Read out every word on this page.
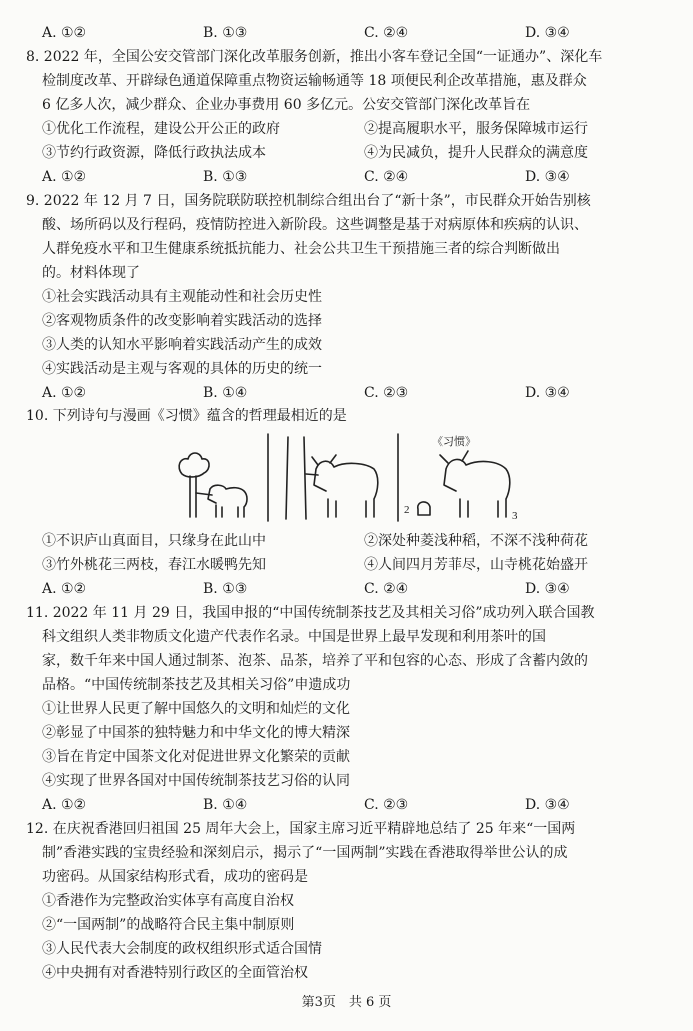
A. ①②	B. ①③	C. ②④	D. ③④
8. 2022 年，全国公安交管部门深化改革服务创新，推出小客车登记全国“一证通办”、深化车
检制度改革、开辟绿色通道保障重点物资运输畅通等 18 项便民利企改革措施，惠及群众
6 亿多人次，减少群众、企业办事费用 60 多亿元。公安交管部门深化改革旨在
①优化工作流程，建设公开公正的政府	②提高履职水平，服务保障城市运行
③节约行政资源，降低行政执法成本	④为民减负，提升人民群众的满意度
A. ①②	B. ①③	C. ②④	D. ③④
9. 2022 年 12 月 7 日，国务院联防联控机制综合组出台了“新十条”，市民群众开始告别核
酸、场所码以及行程码，疫情防控进入新阶段。这些调整是基于对病原体和疾病的认识、
人群免疫水平和卫生健康系统抵抗能力、社会公共卫生干预措施三者的综合判断做出
的。材料体现了
①社会实践活动具有主观能动性和社会历史性
②客观物质条件的改变影响着实践活动的选择
③人类的认知水平影响着实践活动产生的成效
④实践活动是主观与客观的具体的历史的统一
A. ①②	B. ①④	C. ②③	D. ③④
10. 下列诗句与漫画《习惯》蕴含的哲理最相近的是
2	3
《习惯》
①不识庐山真面目，只缘身在此山中	②深处种菱浅种稻，不深不浅种荷花
③竹外桃花三两枝，春江水暖鸭先知	④人间四月芳菲尽，山寺桃花始盛开
A. ①②	B. ①③	C. ②④	D. ③④
11. 2022 年 11 月 29 日，我国申报的“中国传统制茶技艺及其相关习俗”成功列入联合国教
科文组织人类非物质文化遗产代表作名录。中国是世界上最早发现和利用茶叶的国
家，数千年来中国人通过制茶、泡茶、品茶，培养了平和包容的心态、形成了含蓄内敛的
品格。“中国传统制茶技艺及其相关习俗”申遗成功
①让世界人民更了解中国悠久的文明和灿烂的文化
②彰显了中国茶的独特魅力和中华文化的博大精深
③旨在肯定中国茶文化对促进世界文化繁荣的贡献
④实现了世界各国对中国传统制茶技艺习俗的认同
A. ①②	B. ①④	C. ②③	D. ③④
12. 在庆祝香港回归祖国 25 周年大会上，国家主席习近平精辟地总结了 25 年来“一国两
制”香港实践的宝贵经验和深刻启示，揭示了“一国两制”实践在香港取得举世公认的成
功密码。从国家结构形式看，成功的密码是
①香港作为完整政治实体享有高度自治权
②“一国两制”的战略符合民主集中制原则
③人民代表大会制度的政权组织形式适合国情
④中央拥有对香港特别行政区的全面管治权
第3页　共 6 页
